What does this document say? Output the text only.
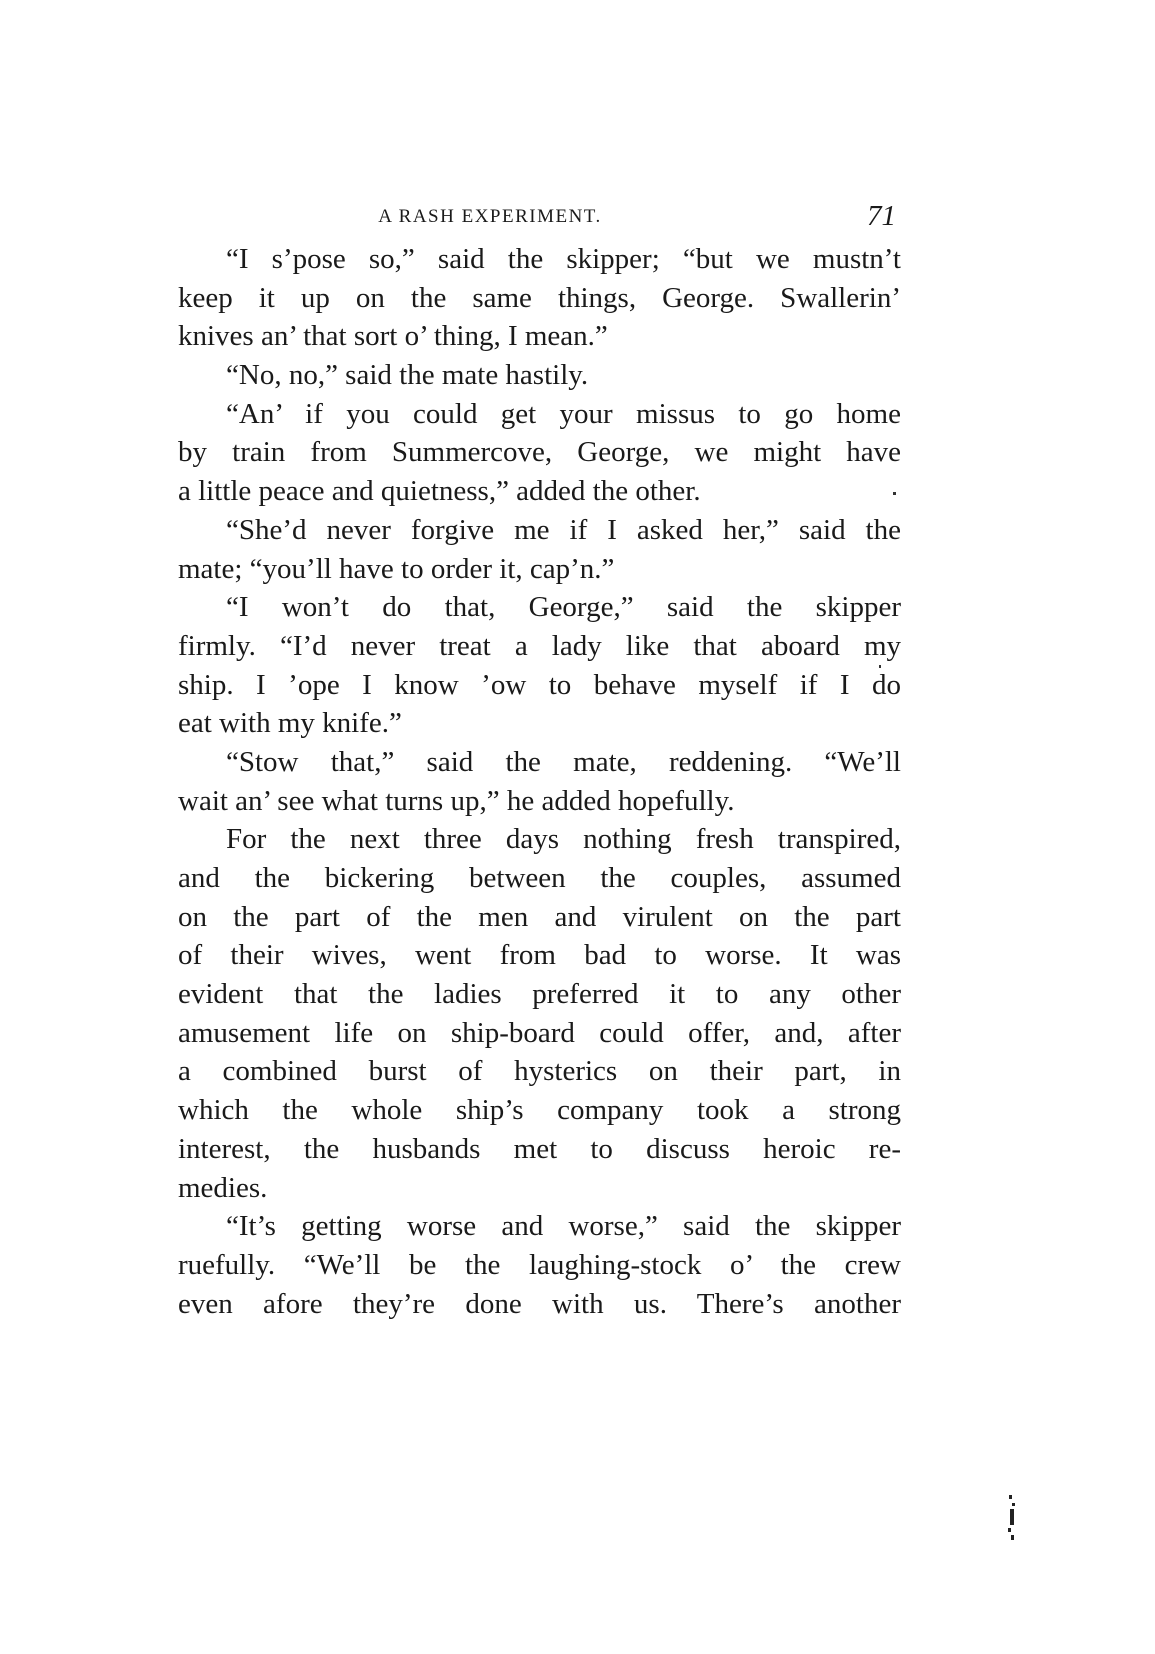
A RASH EXPERIMENT.	71
“I s’pose so,” said the skipper; “but we mustn’t
keep it up on the same things, George. Swallerin’
knives an’ that sort o’ thing, I mean.”
“No, no,” said the mate hastily.
“An’ if you could get your missus to go home
by train from Summercove, George, we might have
a little peace and quietness,” added the other.
“She’d never forgive me if I asked her,” said the
mate; “you’ll have to order it, cap’n.”
“I won’t do that, George,” said the skipper
firmly. “I’d never treat a lady like that aboard my
ship. I ’ope I know ’ow to behave myself if I do
eat with my knife.”
“Stow that,” said the mate, reddening. “We’ll
wait an’ see what turns up,” he added hopefully.
For the next three days nothing fresh transpired,
and the bickering between the couples, assumed
on the part of the men and virulent on the part
of their wives, went from bad to worse. It was
evident that the ladies preferred it to any other
amusement life on ship-board could offer, and, after
a combined burst of hysterics on their part, in
which the whole ship’s company took a strong
interest, the husbands met to discuss heroic re-
medies.
“It’s getting worse and worse,” said the skipper
ruefully. “We’ll be the laughing-stock o’ the crew
even afore they’re done with us. There’s another
